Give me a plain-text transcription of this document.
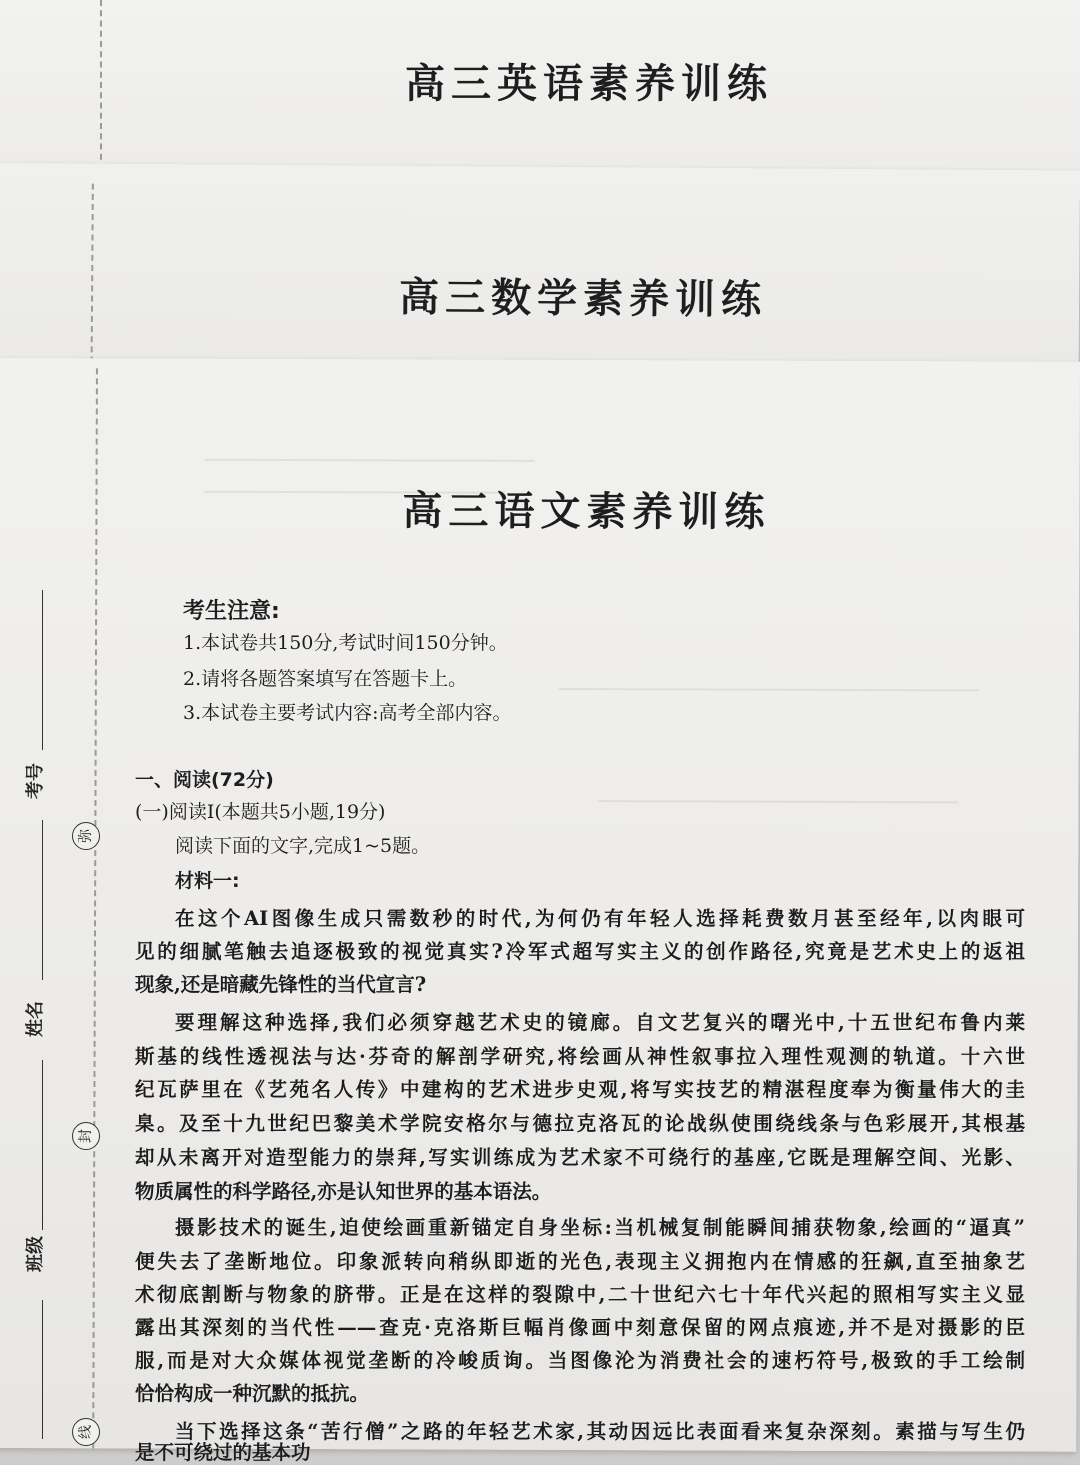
高三英语素养训练
高三数学素养训练
高三语文素养训练
考号
姓名
班级
弥
封
线
考生注意:
1.本试卷共150分,考试时间150分钟。
2.请将各题答案填写在答题卡上。
3.本试卷主要考试内容:高考全部内容。
一、阅读(72分)
(一)阅读Ⅰ(本题共5小题,19分)
阅读下面的文字,完成1~5题。
材料一:
在这个AI图像生成只需数秒的时代,为何仍有年轻人选择耗费数月甚至经年,以肉眼可
见的细腻笔触去追逐极致的视觉真实?冷军式超写实主义的创作路径,究竟是艺术史上的返祖
现象,还是暗藏先锋性的当代宣言?
要理解这种选择,我们必须穿越艺术史的镜廊。自文艺复兴的曙光中,十五世纪布鲁内莱
斯基的线性透视法与达·芬奇的解剖学研究,将绘画从神性叙事拉入理性观测的轨道。十六世
纪瓦萨里在《艺苑名人传》中建构的艺术进步史观,将写实技艺的精湛程度奉为衡量伟大的圭
臬。及至十九世纪巴黎美术学院安格尔与德拉克洛瓦的论战纵使围绕线条与色彩展开,其根基
却从未离开对造型能力的崇拜,写实训练成为艺术家不可绕行的基座,它既是理解空间、光影、
物质属性的科学路径,亦是认知世界的基本语法。
摄影技术的诞生,迫使绘画重新锚定自身坐标:当机械复制能瞬间捕获物象,绘画的“逼真”
便失去了垄断地位。印象派转向稍纵即逝的光色,表现主义拥抱内在情感的狂飙,直至抽象艺
术彻底割断与物象的脐带。正是在这样的裂隙中,二十世纪六七十年代兴起的照相写实主义显
露出其深刻的当代性——查克·克洛斯巨幅肖像画中刻意保留的网点痕迹,并不是对摄影的臣
服,而是对大众媒体视觉垄断的冷峻质询。当图像沦为消费社会的速朽符号,极致的手工绘制
恰恰构成一种沉默的抵抗。
当下选择这条“苦行僧”之路的年轻艺术家,其动因远比表面看来复杂深刻。素描与写生仍
是不可绕过的基本功
